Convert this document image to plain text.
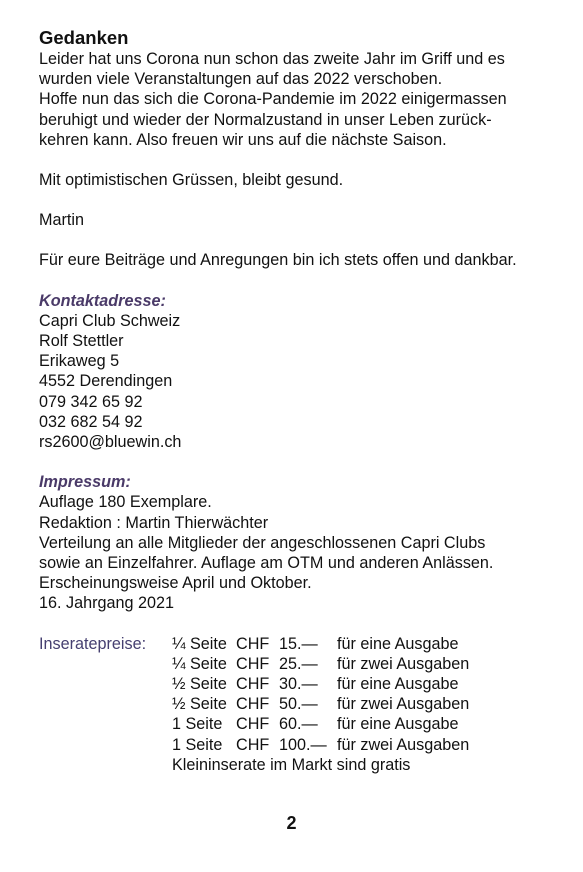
Gedanken

Leider hat uns Corona nun schon das zweite Jahr im Griff und es
wurden viele Veranstaltungen auf das 2022 verschoben.
Hoffe nun das sich die Corona-Pandemie im 2022 einigermassen
beruhigt und wieder der Normalzustand in unser Leben zurück-
kehren kann. Also freuen wir uns auf die nächste Saison.

Mit optimistischen Grüssen, bleibt gesund.

Martin

Für eure Beiträge und Anregungen bin ich stets offen und dankbar.

Kontaktadresse:
Capri Club Schweiz
Rolf Stettler
Erikaweg 5
4552 Derendingen
079 342 65 92
032 682 54 92
rs2600@bluewin.ch
Impressum:
Auflage 180 Exemplare.
Redaktion : Martin Thierwächter
Verteilung an alle Mitglieder der angeschlossenen Capri Clubs
sowie an Einzelfahrer. Auflage am OTM und anderen Anlässen.
Erscheinungsweise April und Oktober.
16. Jahrgang 2021
Inseratepreise:	¼ Seite CHF 15.—	für eine Ausgabe
¼ Seite CHF 25.—	für zwei Ausgaben
½ Seite CHF 30.—	für eine Ausgabe
½ Seite CHF 50.—	für zwei Ausgaben
1 Seite CHF 60.—	für eine Ausgabe
1 Seite CHF 100.— für zwei Ausgaben
Kleininserate im Markt sind gratis
2
